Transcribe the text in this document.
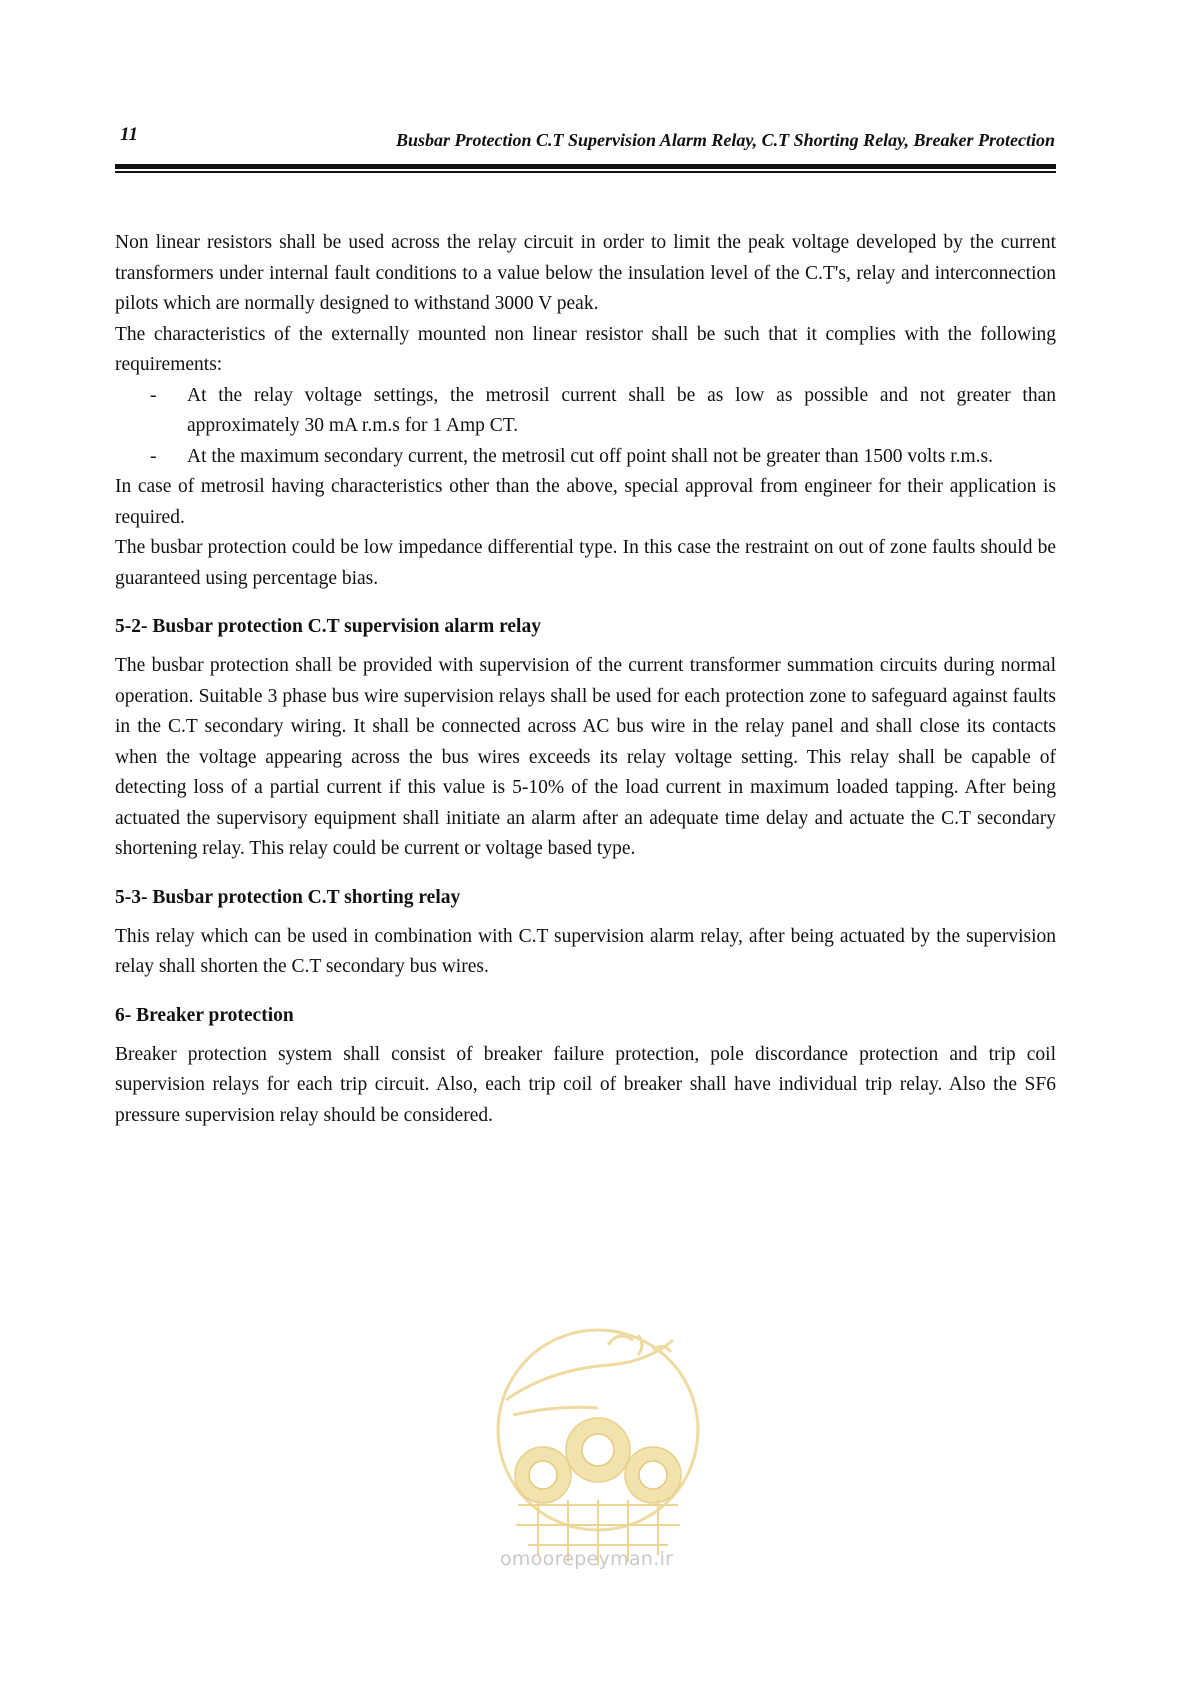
11	Busbar Protection C.T Supervision Alarm Relay, C.T Shorting Relay, Breaker Protection

Non linear resistors shall be used across the relay circuit in order to limit the peak voltage developed by the current transformers under internal fault conditions to a value below the insulation level of the C.T's, relay and interconnection pilots which are normally designed to withstand 3000 V peak.

The characteristics of the externally mounted non linear resistor shall be such that it complies with the following requirements:

- At the relay voltage settings, the metrosil current shall be as low as possible and not greater than approximately 30 mA r.m.s for 1 Amp CT.
- At the maximum secondary current, the metrosil cut off point shall not be greater than 1500 volts r.m.s.

In case of metrosil having characteristics other than the above, special approval from engineer for their application is required.

The busbar protection could be low impedance differential type. In this case the restraint on out of zone faults should be guaranteed using percentage bias.

5-2- Busbar protection C.T supervision alarm relay

The busbar protection shall be provided with supervision of the current transformer summation circuits during normal operation. Suitable 3 phase bus wire supervision relays shall be used for each protection zone to safeguard against faults in the C.T secondary wiring. It shall be connected across AC bus wire in the relay panel and shall close its contacts when the voltage appearing across the bus wires exceeds its relay voltage setting. This relay shall be capable of detecting loss of a partial current if this value is 5-10% of the load current in maximum loaded tapping. After being actuated the supervisory equipment shall initiate an alarm after an adequate time delay and actuate the C.T secondary shortening relay. This relay could be current or voltage based type.

5-3- Busbar protection C.T shorting relay

This relay which can be used in combination with C.T supervision alarm relay, after being actuated by the supervision relay shall shorten the C.T secondary bus wires.

6- Breaker protection

Breaker protection system shall consist of breaker failure protection, pole discordance protection and trip coil supervision relays for each trip circuit. Also, each trip coil of breaker shall have individual trip relay. Also the SF6 pressure supervision relay should be considered.

omoorepeyman.ir
